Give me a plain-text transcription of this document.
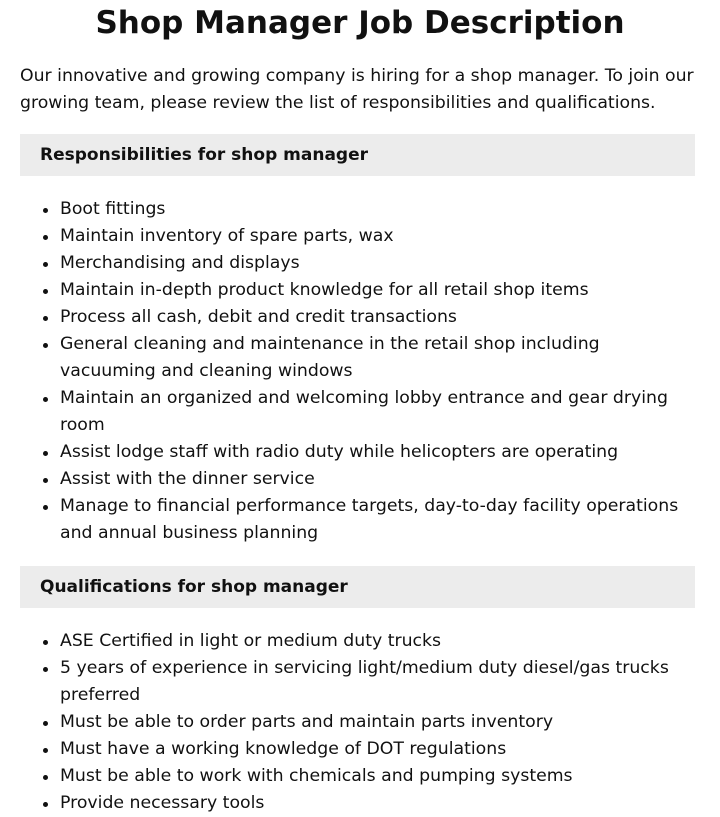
Shop Manager Job Description

Our innovative and growing company is hiring for a shop manager. To join our growing team, please review the list of responsibilities and qualifications.

Responsibilities for shop manager
Boot fittings
Maintain inventory of spare parts, wax
Merchandising and displays
Maintain in-depth product knowledge for all retail shop items
Process all cash, debit and credit transactions
General cleaning and maintenance in the retail shop including vacuuming and cleaning windows
Maintain an organized and welcoming lobby entrance and gear drying room
Assist lodge staff with radio duty while helicopters are operating
Assist with the dinner service
Manage to financial performance targets, day-to-day facility operations and annual business planning
Qualifications for shop manager
ASE Certified in light or medium duty trucks
5 years of experience in servicing light/medium duty diesel/gas trucks preferred
Must be able to order parts and maintain parts inventory
Must have a working knowledge of DOT regulations
Must be able to work with chemicals and pumping systems
Provide necessary tools
